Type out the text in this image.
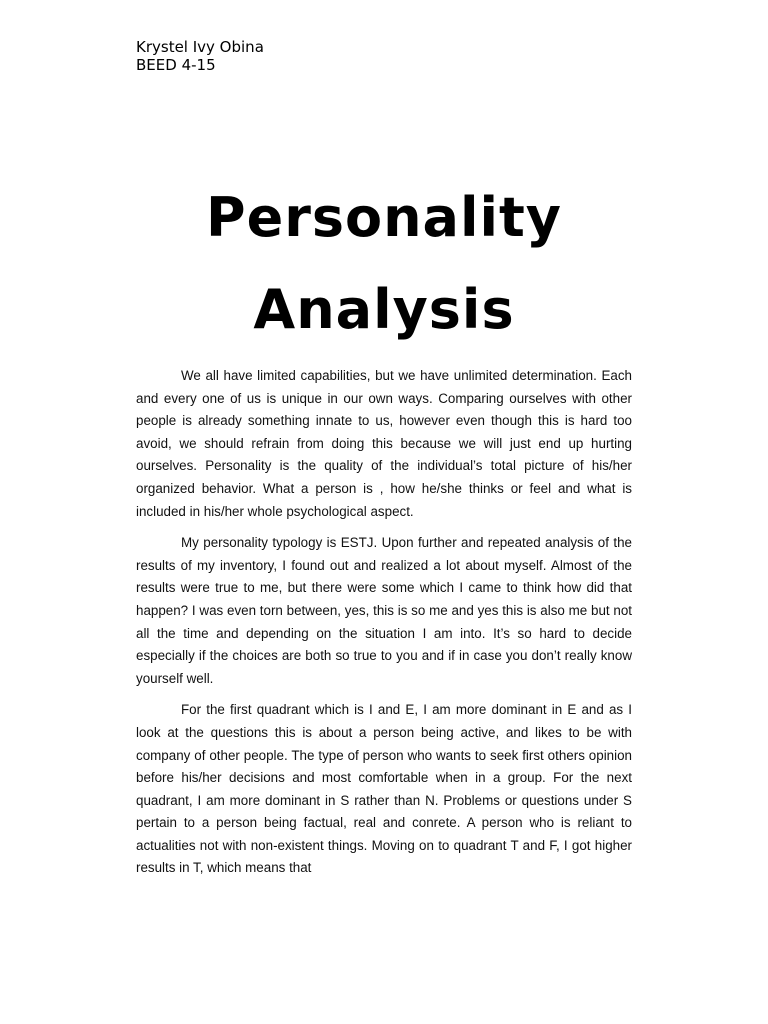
Krystel Ivy Obina
BEED 4-15
Personality
Analysis

We all have limited capabilities, but we have unlimited determination. Each and every one of us is unique in our own ways. Comparing ourselves with other people is already something innate to us, however even though this is hard too avoid, we should refrain from doing this because we will just end up hurting ourselves. Personality is the quality of the individual’s total picture of his/her organized behavior. What a person is , how he/she thinks or feel and what is included in his/her whole psychological aspect.

My personality typology is ESTJ. Upon further and repeated analysis of the results of my inventory, I found out and realized a lot about myself. Almost of the results were true to me, but there were some which I came to think how did that happen? I was even torn between, yes, this is so me and yes this is also me but not all the time and depending on the situation I am into. It’s so hard to decide especially if the choices are both so true to you and if in case you don’t really know yourself well.

For the first quadrant which is I and E, I am more dominant in E and as I look at the questions this is about a person being active, and likes to be with company of other people. The type of person who wants to seek first others opinion before his/her decisions and most comfortable when in a group. For the next quadrant, I am more dominant in S rather than N. Problems or questions under S pertain to a person being factual, real and conrete. A person who is reliant to actualities not with non-existent things. Moving on to quadrant T and F, I got higher results in T, which means that
